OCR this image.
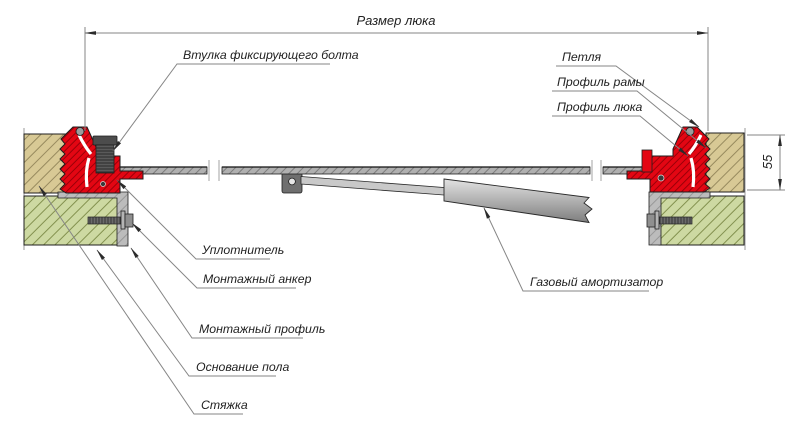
Размер люка
55
Втулка фиксирующего болта	Петля
Профиль рамы
Профиль люка
Уплотнитель
Монтажный анкер
Монтажный профиль
Основание пола
Стяжка
Газовый амортизатор
